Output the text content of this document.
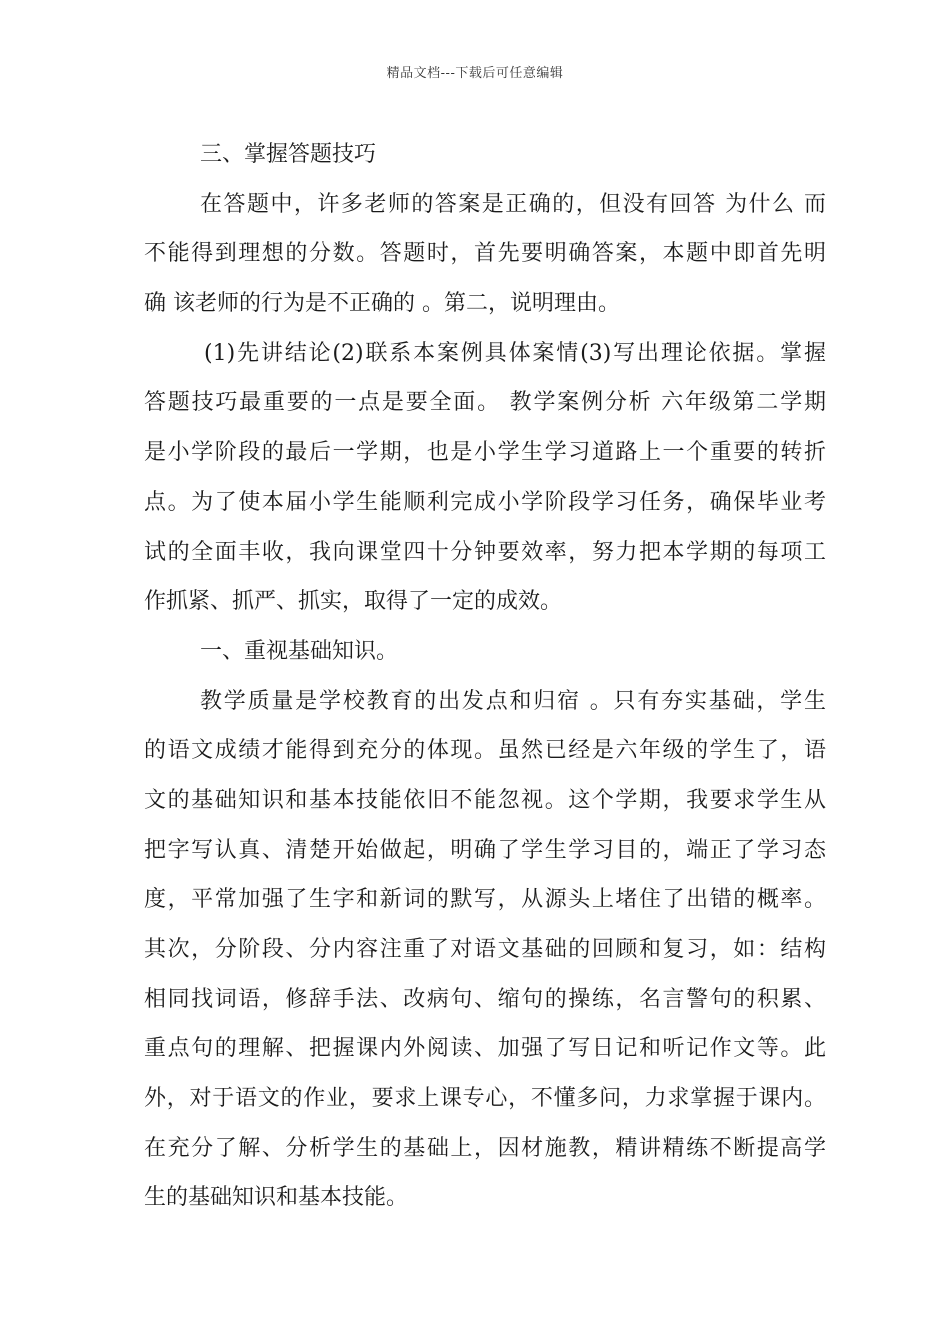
精品文档---下载后可任意编辑
三、掌握答题技巧
在答题中，许多老师的答案是正确的，但没有回答 为什么 而
不能得到理想的分数。答题时，首先要明确答案，本题中即首先明
确 该老师的行为是不正确的 。第二，说明理由。
(1)先讲结论(2)联系本案例具体案情(3)写出理论依据。掌握
答题技巧最重要的一点是要全面。 教学案例分析 六年级第二学期
是小学阶段的最后一学期，也是小学生学习道路上一个重要的转折
点。为了使本届小学生能顺利完成小学阶段学习任务，确保毕业考
试的全面丰收，我向课堂四十分钟要效率，努力把本学期的每项工
作抓紧、抓严、抓实，取得了一定的成效。
一、重视基础知识。
教学质量是学校教育的出发点和归宿 。只有夯实基础，学生
的语文成绩才能得到充分的体现。虽然已经是六年级的学生了，语
文的基础知识和基本技能依旧不能忽视。这个学期，我要求学生从
把字写认真、清楚开始做起，明确了学生学习目的，端正了学习态
度，平常加强了生字和新词的默写，从源头上堵住了出错的概率。
其次，分阶段、分内容注重了对语文基础的回顾和复习，如：结构
相同找词语，修辞手法、改病句、缩句的操练，名言警句的积累、
重点句的理解、把握课内外阅读、加强了写日记和听记作文等。此
外，对于语文的作业，要求上课专心，不懂多问，力求掌握于课内。
在充分了解、分析学生的基础上，因材施教，精讲精练不断提高学
生的基础知识和基本技能。
